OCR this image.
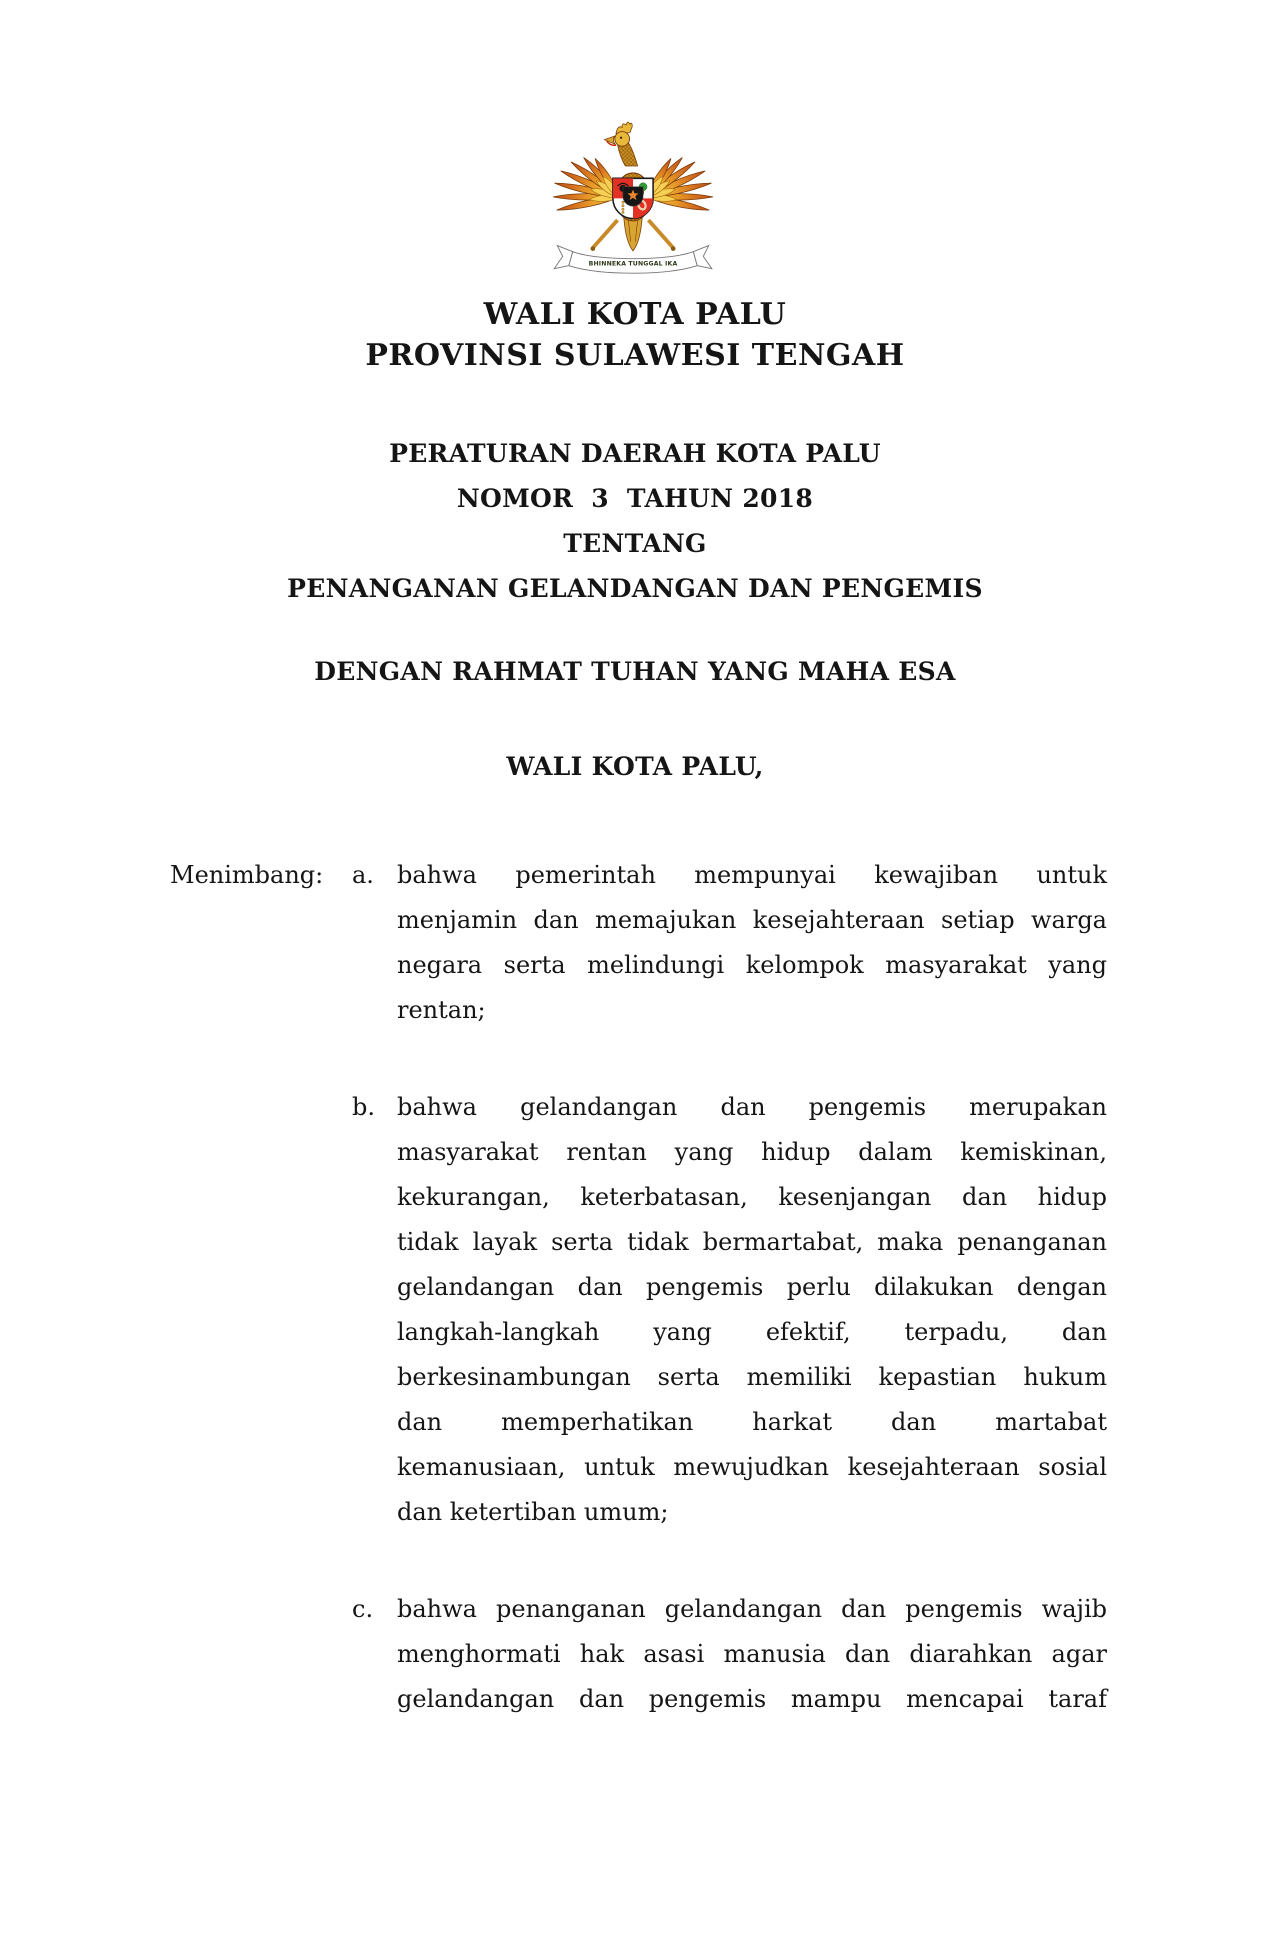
BHINNEKA TUNGGAL IKA
WALI KOTA PALU
PROVINSI SULAWESI TENGAH
PERATURAN DAERAH KOTA PALU
NOMOR  3  TAHUN 2018
TENTANG
PENANGANAN GELANDANGAN DAN PENGEMIS
DENGAN RAHMAT TUHAN YANG MAHA ESA
WALI KOTA PALU,
Menimbang: a. bahwa pemerintah mempunyai kewajiban untuk
menjamin dan memajukan kesejahteraan setiap warga
negara serta melindungi kelompok masyarakat yang
rentan;
b. bahwa gelandangan dan pengemis merupakan
masyarakat rentan yang hidup dalam kemiskinan,
kekurangan, keterbatasan, kesenjangan dan hidup
tidak layak serta tidak bermartabat, maka penanganan
gelandangan dan pengemis perlu dilakukan dengan
langkah-langkah yang efektif, terpadu, dan
berkesinambungan serta memiliki kepastian hukum
dan memperhatikan harkat dan martabat
kemanusiaan, untuk mewujudkan kesejahteraan sosial
dan ketertiban umum;
c. bahwa penanganan gelandangan dan pengemis wajib
menghormati hak asasi manusia dan diarahkan agar
gelandangan dan pengemis mampu mencapai taraf
